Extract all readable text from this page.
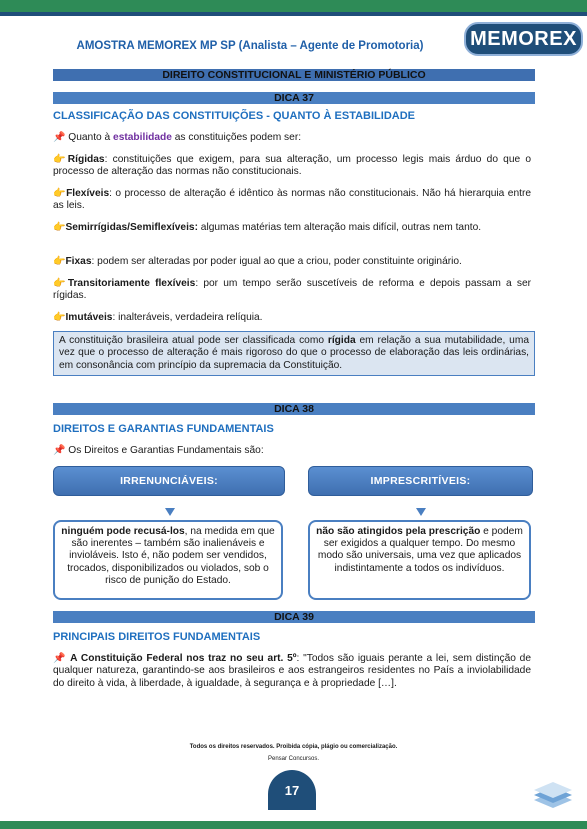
AMOSTRA MEMOREX MP SP (Analista – Agente de Promotoria)	MEMOREX
DIREITO CONSTITUCIONAL E MINISTÉRIO PÚBLICO
DICA 37
CLASSIFICAÇÃO DAS CONSTITUIÇÕES - QUANTO À ESTABILIDADE
📌 Quanto à estabilidade as constituições podem ser:
👉Rígidas: constituições que exigem, para sua alteração, um processo legis mais árduo do que o processo de alteração das normas não constitucionais.
👉Flexíveis: o processo de alteração é idêntico às normas não constitucionais. Não há hierarquia entre as leis.
👉Semirrígidas/Semiflexíveis: algumas matérias tem alteração mais difícil, outras nem tanto.
👉Fixas: podem ser alteradas por poder igual ao que a criou, poder constituinte originário.
👉Transitoriamente flexíveis: por um tempo serão suscetíveis de reforma e depois passam a ser rígidas.
👉Imutáveis: inalteráveis, verdadeira relíquia.
A constituição brasileira atual pode ser classificada como rígida em relação a sua mutabilidade, uma vez que o processo de alteração é mais rigoroso do que o processo de elaboração das leis ordinárias, em consonância com princípio da supremacia da Constituição.
DICA 38
DIREITOS E GARANTIAS FUNDAMENTAIS
📌 Os Direitos e Garantias Fundamentais são:
IRRENUNCIÁVEIS:	IMPRESCRITÍVEIS:
ninguém pode recusá-los, na medida em que são inerentes – também são inalienáveis e invioláveis. Isto é, não podem ser vendidos, trocados, disponibilizados ou violados, sob o risco de punição do Estado.
não são atingidos pela prescrição e podem ser exigidos a qualquer tempo. Do mesmo modo são universais, uma vez que aplicados indistintamente a todos os indivíduos.
DICA 39
PRINCIPAIS DIREITOS FUNDAMENTAIS
📌 A Constituição Federal nos traz no seu art. 5º: "Todos são iguais perante a lei, sem distinção de qualquer natureza, garantindo-se aos brasileiros e aos estrangeiros residentes no País a inviolabilidade do direito à vida, à liberdade, à igualdade, à segurança e à propriedade […].
Todos os direitos reservados. Proibida cópia, plágio ou comercialização.
Pensar Concursos.
17
